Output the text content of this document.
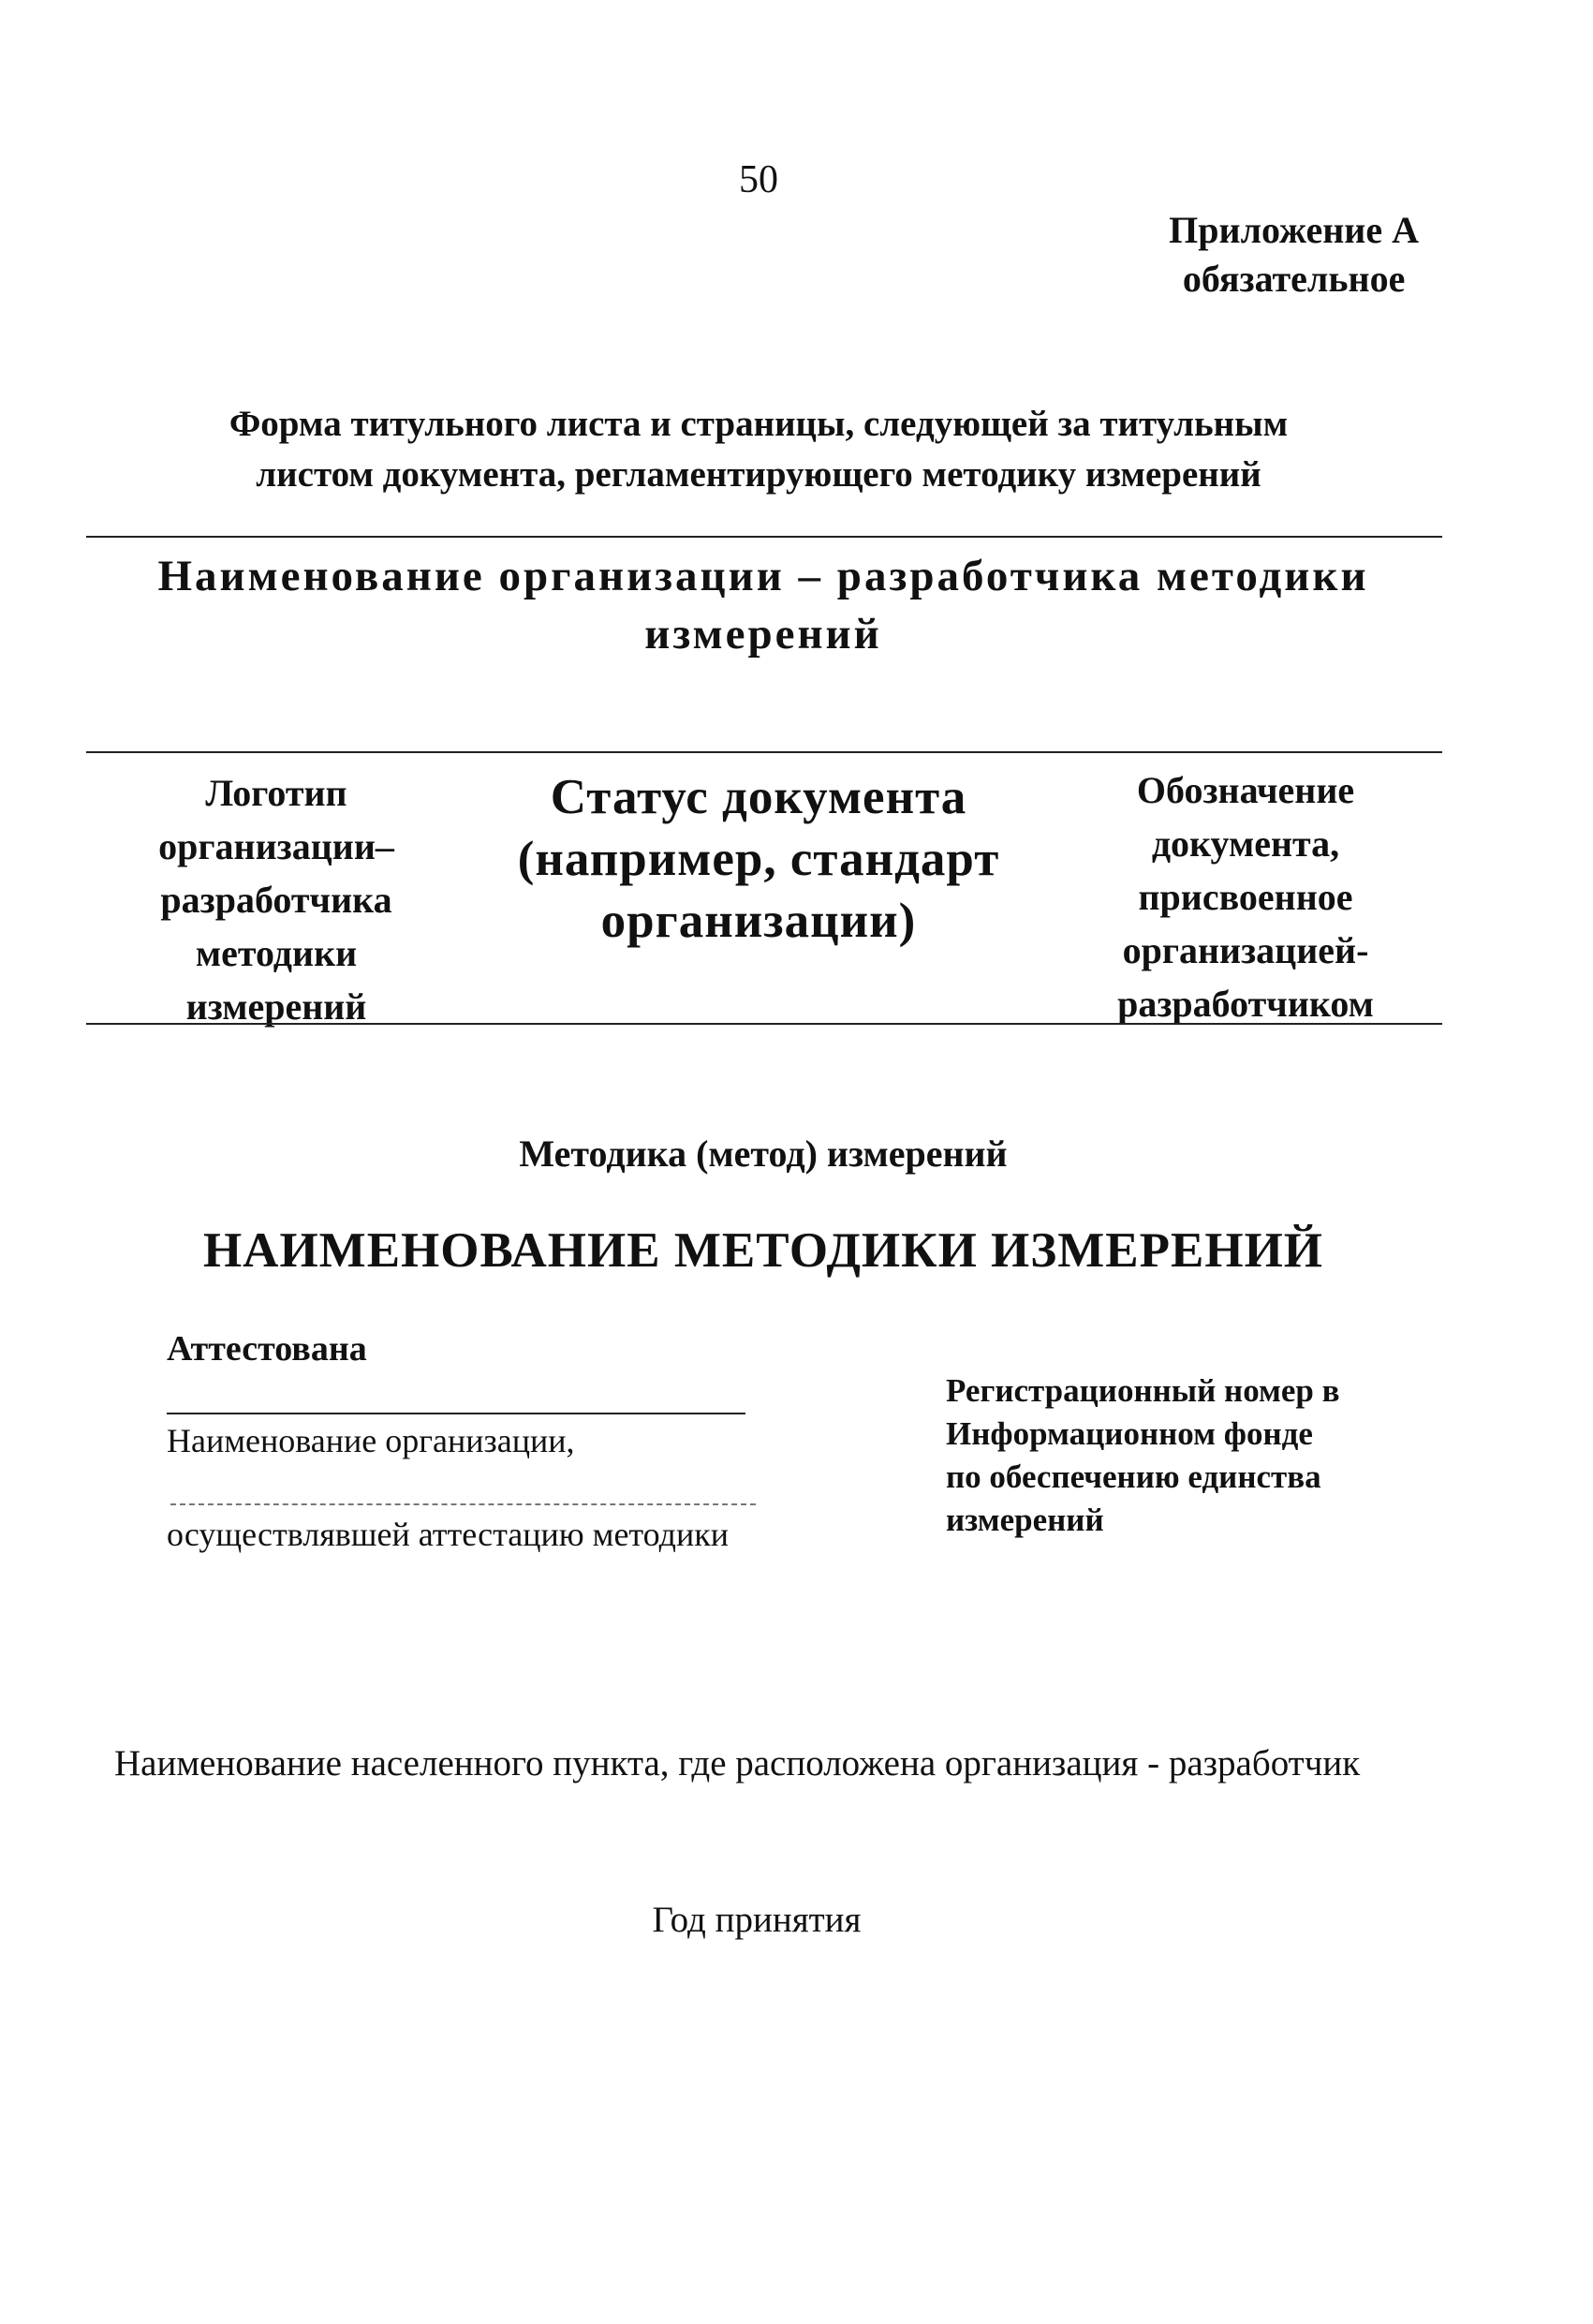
50
Приложение А
обязательное
Форма титульного листа и страницы, следующей за титульным
листом документа, регламентирующего методику измерений
Наименование организации – разработчика методики
измерений
Логотип
организации–
разработчика
методики
измерений
Статус документа
(например, стандарт
организации)
Обозначение
документа,
присвоенное
организацией-
разработчиком
Методика (метод) измерений
НАИМЕНОВАНИЕ МЕТОДИКИ ИЗМЕРЕНИЙ
Аттестована
Наименование организации,
осуществлявшей аттестацию методики
Регистрационный номер в
Информационном фонде
по обеспечению единства
измерений
Наименование населенного пункта, где расположена организация - разработчик
Год принятия
